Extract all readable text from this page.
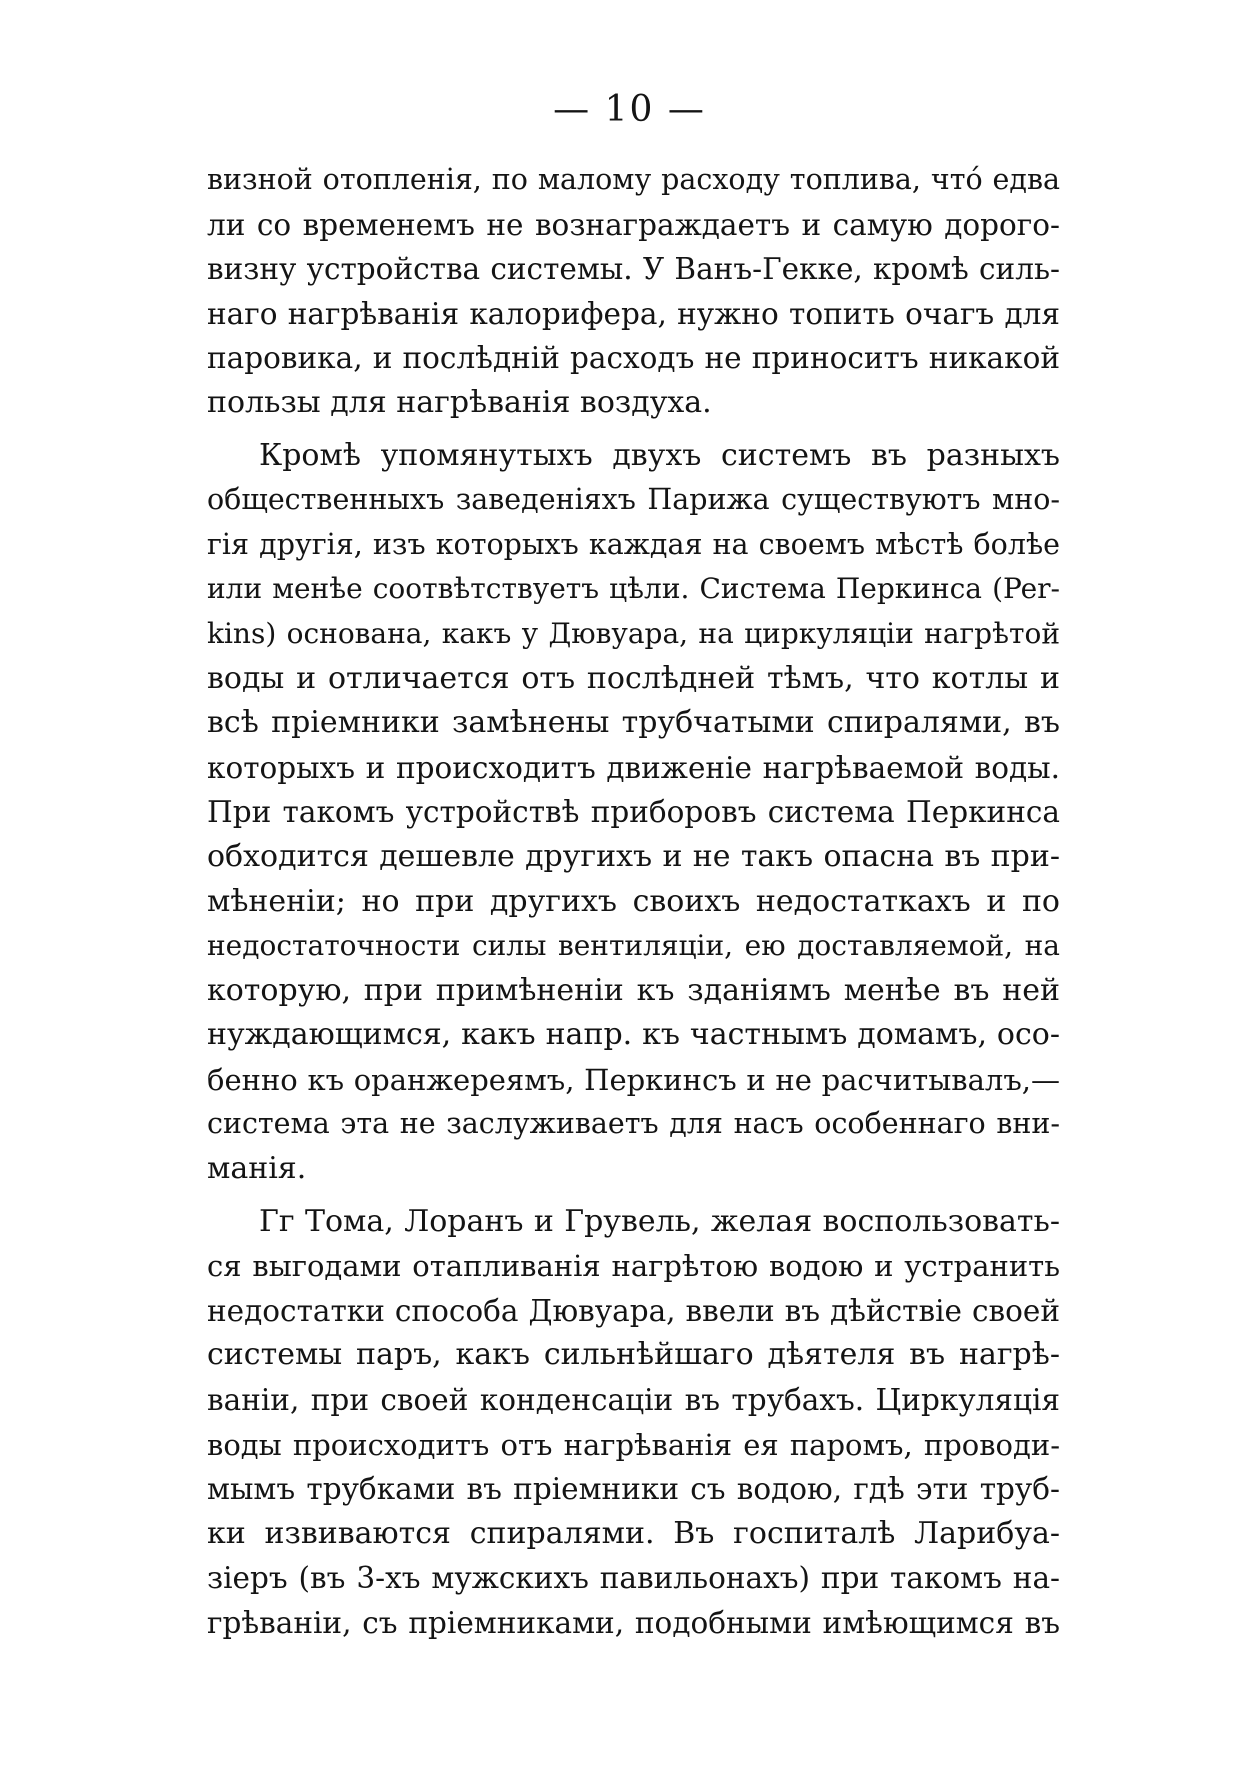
— 10 —
визной отопленія, по малому расходу топлива, что́ едва
ли со временемъ не вознаграждаетъ и самую дорого-
визну устройства системы. У Ванъ-Гекке, кромѣ силь-
наго нагрѣванія калорифера, нужно топить очагъ для
паровика, и послѣдній расходъ не приноситъ никакой
пользы для нагрѣванія воздуха.
Кромѣ упомянутыхъ двухъ системъ въ разныхъ
общественныхъ заведеніяхъ Парижа существуютъ мно-
гія другія, изъ которыхъ каждая на своемъ мѣстѣ болѣе
или менѣе соотвѣтствуетъ цѣли. Система Перкинса (Per-
kins) основана, какъ у Дювуара, на циркуляціи нагрѣтой
воды и отличается отъ послѣдней тѣмъ, что котлы и
всѣ пріемники замѣнены трубчатыми спиралями, въ
которыхъ и происходитъ движеніе нагрѣваемой воды.
При такомъ устройствѣ приборовъ система Перкинса
обходится дешевле другихъ и не такъ опасна въ при-
мѣненіи; но при другихъ своихъ недостаткахъ и по
недостаточности силы вентиляціи, ею доставляемой, на
которую, при примѣненіи къ зданіямъ менѣе въ ней
нуждающимся, какъ напр. къ частнымъ домамъ, осо-
бенно къ оранжереямъ, Перкинсъ и не расчитывалъ,—
система эта не заслуживаетъ для насъ особеннаго вни-
манія.
Гг Тома, Лоранъ и Грувель, желая воспользовать-
ся выгодами отапливанія нагрѣтою водою и устранить
недостатки способа Дювуара, ввели въ дѣйствіе своей
системы паръ, какъ сильнѣйшаго дѣятеля въ нагрѣ-
ваніи, при своей конденсаціи въ трубахъ. Циркуляція
воды происходитъ отъ нагрѣванія ея паромъ, проводи-
мымъ трубками въ пріемники съ водою, гдѣ эти труб-
ки извиваются спиралями. Въ госпиталѣ Ларибуа-
зіеръ (въ 3-хъ мужскихъ павильонахъ) при такомъ на-
грѣваніи, съ пріемниками, подобными имѣющимся въ
